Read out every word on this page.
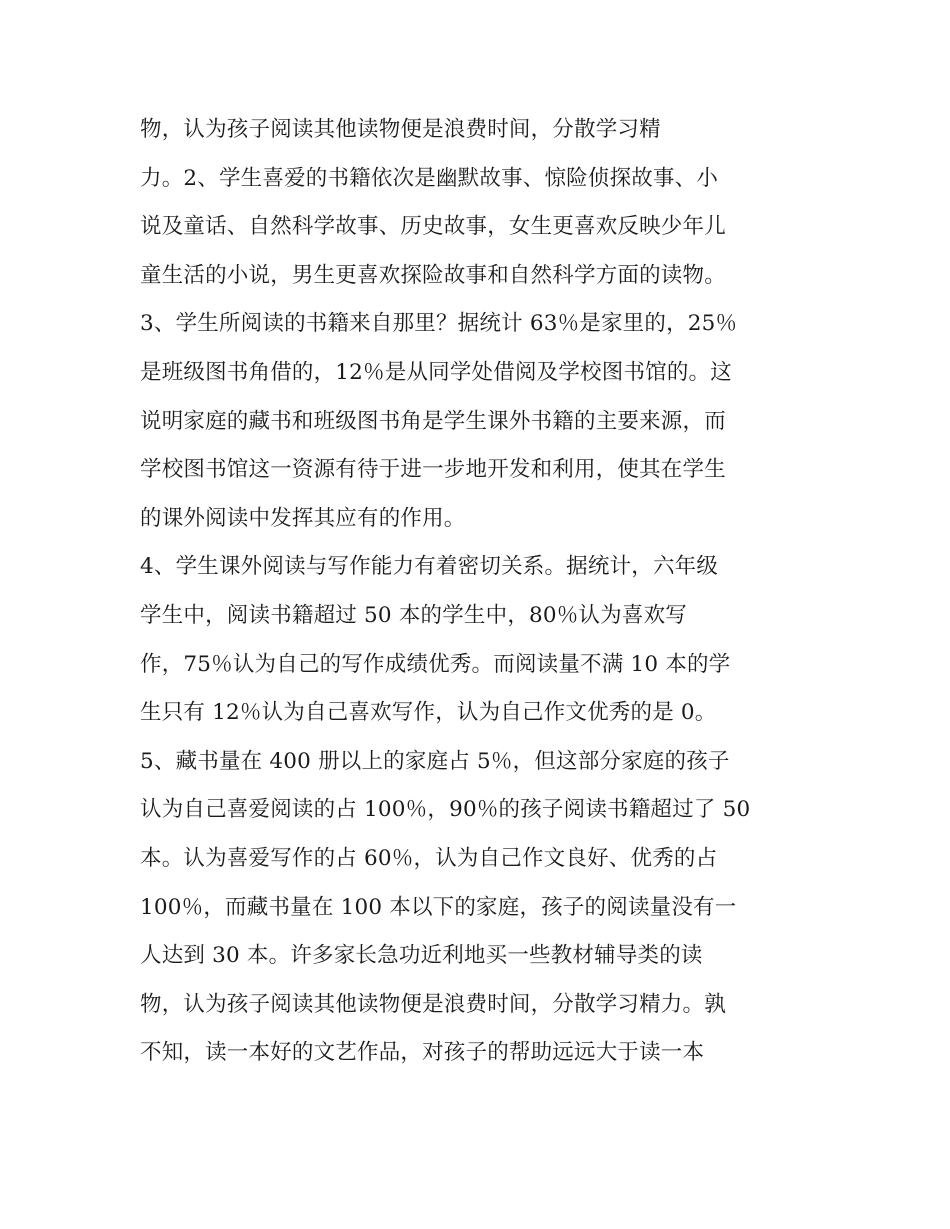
物，认为孩子阅读其他读物便是浪费时间，分散学习精
力。2、学生喜爱的书籍依次是幽默故事、惊险侦探故事、小
说及童话、自然科学故事、历史故事，女生更喜欢反映少年儿
童生活的小说，男生更喜欢探险故事和自然科学方面的读物。
3、学生所阅读的书籍来自那里？据统计 63％是家里的，25％
是班级图书角借的，12％是从同学处借阅及学校图书馆的。这
说明家庭的藏书和班级图书角是学生课外书籍的主要来源，而
学校图书馆这一资源有待于进一步地开发和利用，使其在学生
的课外阅读中发挥其应有的作用。
4、学生课外阅读与写作能力有着密切关系。据统计，六年级
学生中，阅读书籍超过 50 本的学生中，80％认为喜欢写
作，75％认为自己的写作成绩优秀。而阅读量不满 10 本的学
生只有 12％认为自己喜欢写作，认为自己作文优秀的是 0。
5、藏书量在 400 册以上的家庭占 5％，但这部分家庭的孩子
认为自己喜爱阅读的占 100％，90％的孩子阅读书籍超过了 50
本。认为喜爱写作的占 60％，认为自己作文良好、优秀的占
100％，而藏书量在 100 本以下的家庭，孩子的阅读量没有一
人达到 30 本。许多家长急功近利地买一些教材辅导类的读
物，认为孩子阅读其他读物便是浪费时间，分散学习精力。孰
不知，读一本好的文艺作品，对孩子的帮助远远大于读一本
